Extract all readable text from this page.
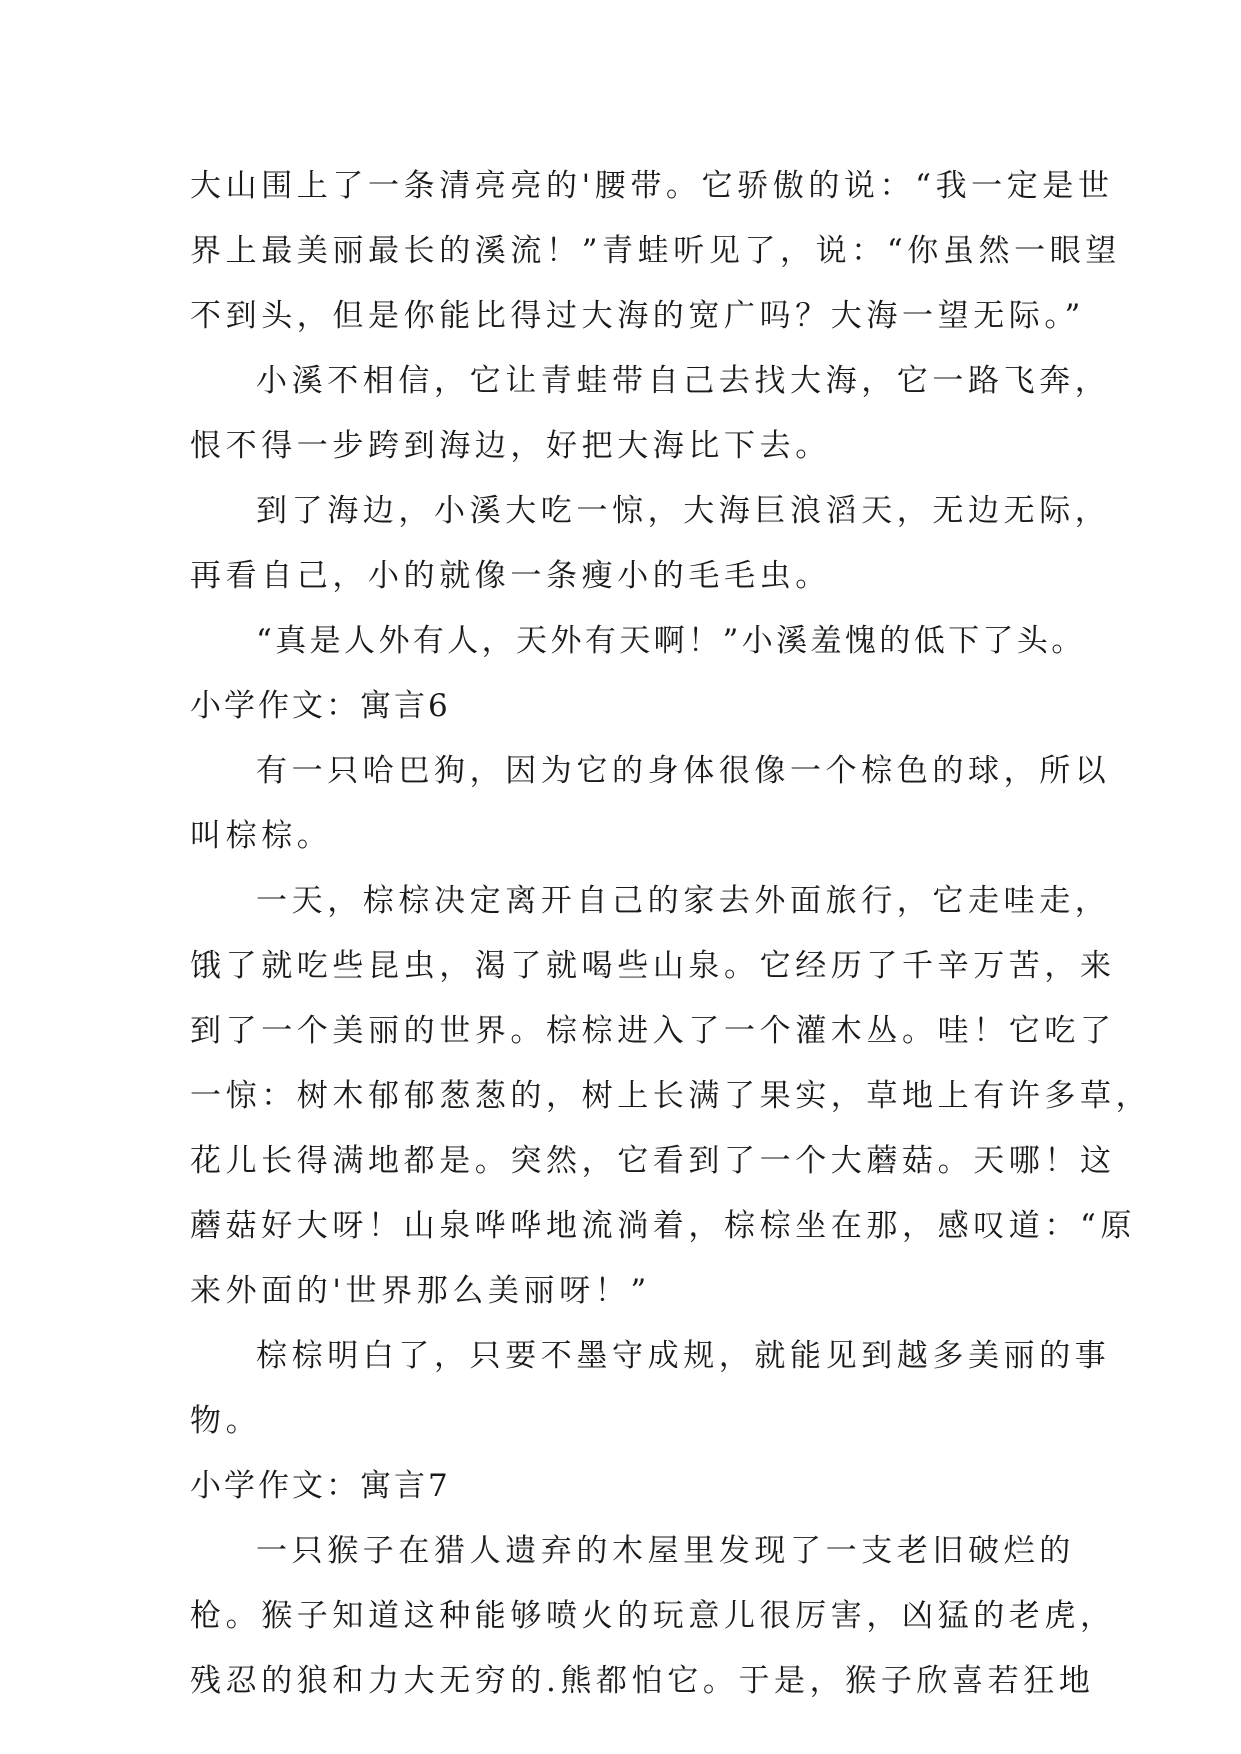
大山围上了一条清亮亮的'腰带。它骄傲的说：“我一定是世
界上最美丽最长的溪流！”青蛙听见了，说：“你虽然一眼望
不到头，但是你能比得过大海的宽广吗？大海一望无际。”
小溪不相信，它让青蛙带自己去找大海，它一路飞奔，
恨不得一步跨到海边，好把大海比下去。
到了海边，小溪大吃一惊，大海巨浪滔天，无边无际，
再看自己，小的就像一条瘦小的毛毛虫。
“真是人外有人，天外有天啊！”小溪羞愧的低下了头。
小学作文：寓言6
有一只哈巴狗，因为它的身体很像一个棕色的球，所以
叫棕棕。
一天，棕棕决定离开自己的家去外面旅行，它走哇走，
饿了就吃些昆虫，渴了就喝些山泉。它经历了千辛万苦，来
到了一个美丽的世界。棕棕进入了一个灌木丛。哇！它吃了
一惊：树木郁郁葱葱的，树上长满了果实，草地上有许多草，
花儿长得满地都是。突然，它看到了一个大蘑菇。天哪！这
蘑菇好大呀！山泉哗哗地流淌着，棕棕坐在那，感叹道：“原
来外面的'世界那么美丽呀！”
棕棕明白了，只要不墨守成规，就能见到越多美丽的事
物。
小学作文：寓言7
一只猴子在猎人遗弃的木屋里发现了一支老旧破烂的
枪。猴子知道这种能够喷火的玩意儿很厉害，凶猛的老虎，
残忍的狼和力大无穷的.熊都怕它。于是，猴子欣喜若狂地
